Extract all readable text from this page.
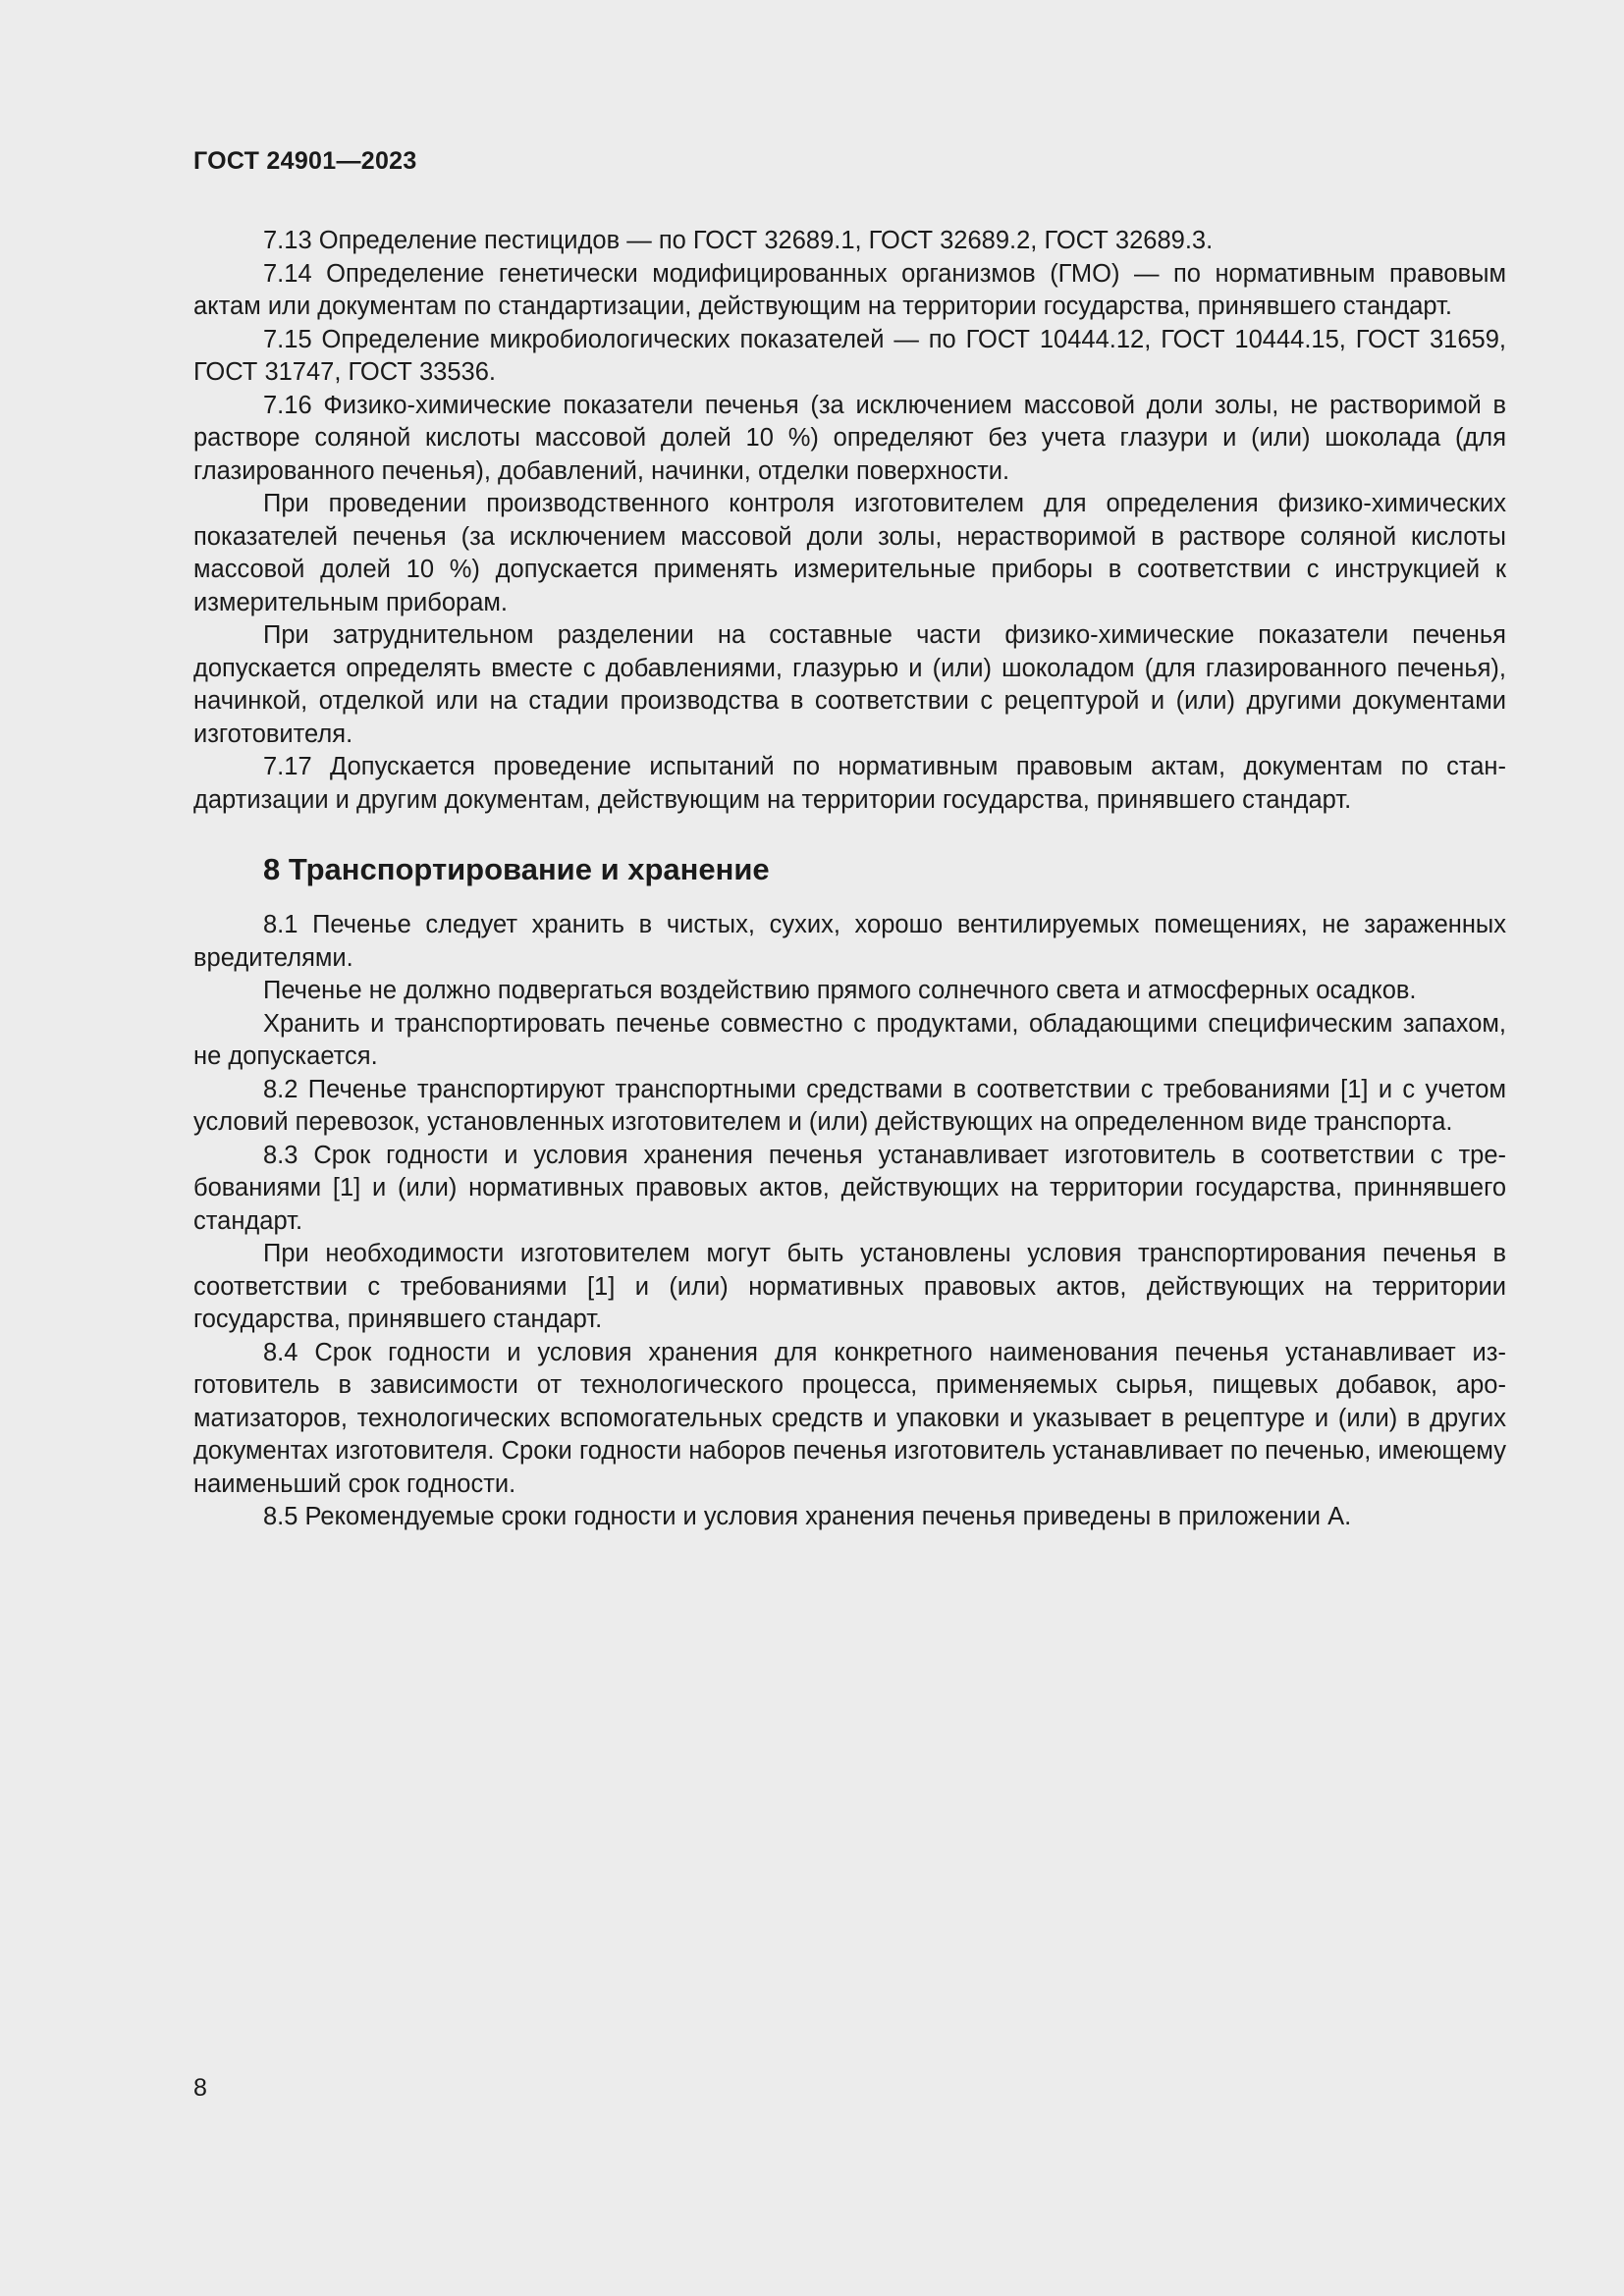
ГОСТ 24901—2023

7.13 Определение пестицидов — по ГОСТ 32689.1, ГОСТ 32689.2, ГОСТ 32689.3.

7.14 Определение генетически модифицированных организмов (ГМО) — по нормативным правовым актам или документам по стандартизации, действующим на территории государства, принявшего стандарт.

7.15 Определение микробиологических показателей — по ГОСТ 10444.12, ГОСТ 10444.15, ГОСТ 31659, ГОСТ 31747, ГОСТ 33536.

7.16 Физико-химические показатели печенья (за исключением массовой доли золы, не растворимой в растворе соляной кислоты массовой долей 10 %) определяют без учета глазури и (или) шоколада (для глазированного печенья), добавлений, начинки, отделки поверхности.

При проведении производственного контроля изготовителем для определения физико-химических показателей печенья (за исключением массовой доли золы, нерастворимой в растворе соляной кислоты массовой долей 10 %) допускается применять измерительные приборы в соответствии с инструкцией к измерительным приборам.

При затруднительном разделении на составные части физико-химические показатели печенья допускается определять вместе с добавлениями, глазурью и (или) шоколадом (для глазированного печенья), начинкой, отделкой или на стадии производства в соответствии с рецептурой и (или) другими документами изготовителя.

7.17 Допускается проведение испытаний по нормативным правовым актам, документам по стандартизации и другим документам, действующим на территории государства, принявшего стандарт.

8 Транспортирование и хранение

8.1 Печенье следует хранить в чистых, сухих, хорошо вентилируемых помещениях, не зараженных вредителями.

Печенье не должно подвергаться воздействию прямого солнечного света и атмосферных осадков.

Хранить и транспортировать печенье совместно с продуктами, обладающими специфическим запахом, не допускается.

8.2 Печенье транспортируют транспортными средствами в соответствии с требованиями [1] и с учетом условий перевозок, установленных изготовителем и (или) действующих на определенном виде транспорта.

8.3 Срок годности и условия хранения печенья устанавливает изготовитель в соответствии с требованиями [1] и (или) нормативных правовых актов, действующих на территории государства, приннявшего стандарт.

При необходимости изготовителем могут быть установлены условия транспортирования печенья в соответствии с требованиями [1] и (или) нормативных правовых актов, действующих на территории государства, принявшего стандарт.

8.4 Срок годности и условия хранения для конкретного наименования печенья устанавливает изготовитель в зависимости от технологического процесса, применяемых сырья, пищевых добавок, ароматизаторов, технологических вспомогательных средств и упаковки и указывает в рецептуре и (или) в других документах изготовителя. Сроки годности наборов печенья изготовитель устанавливает по печенью, имеющему наименьший срок годности.

8.5 Рекомендуемые сроки годности и условия хранения печенья приведены в приложении А.

8
